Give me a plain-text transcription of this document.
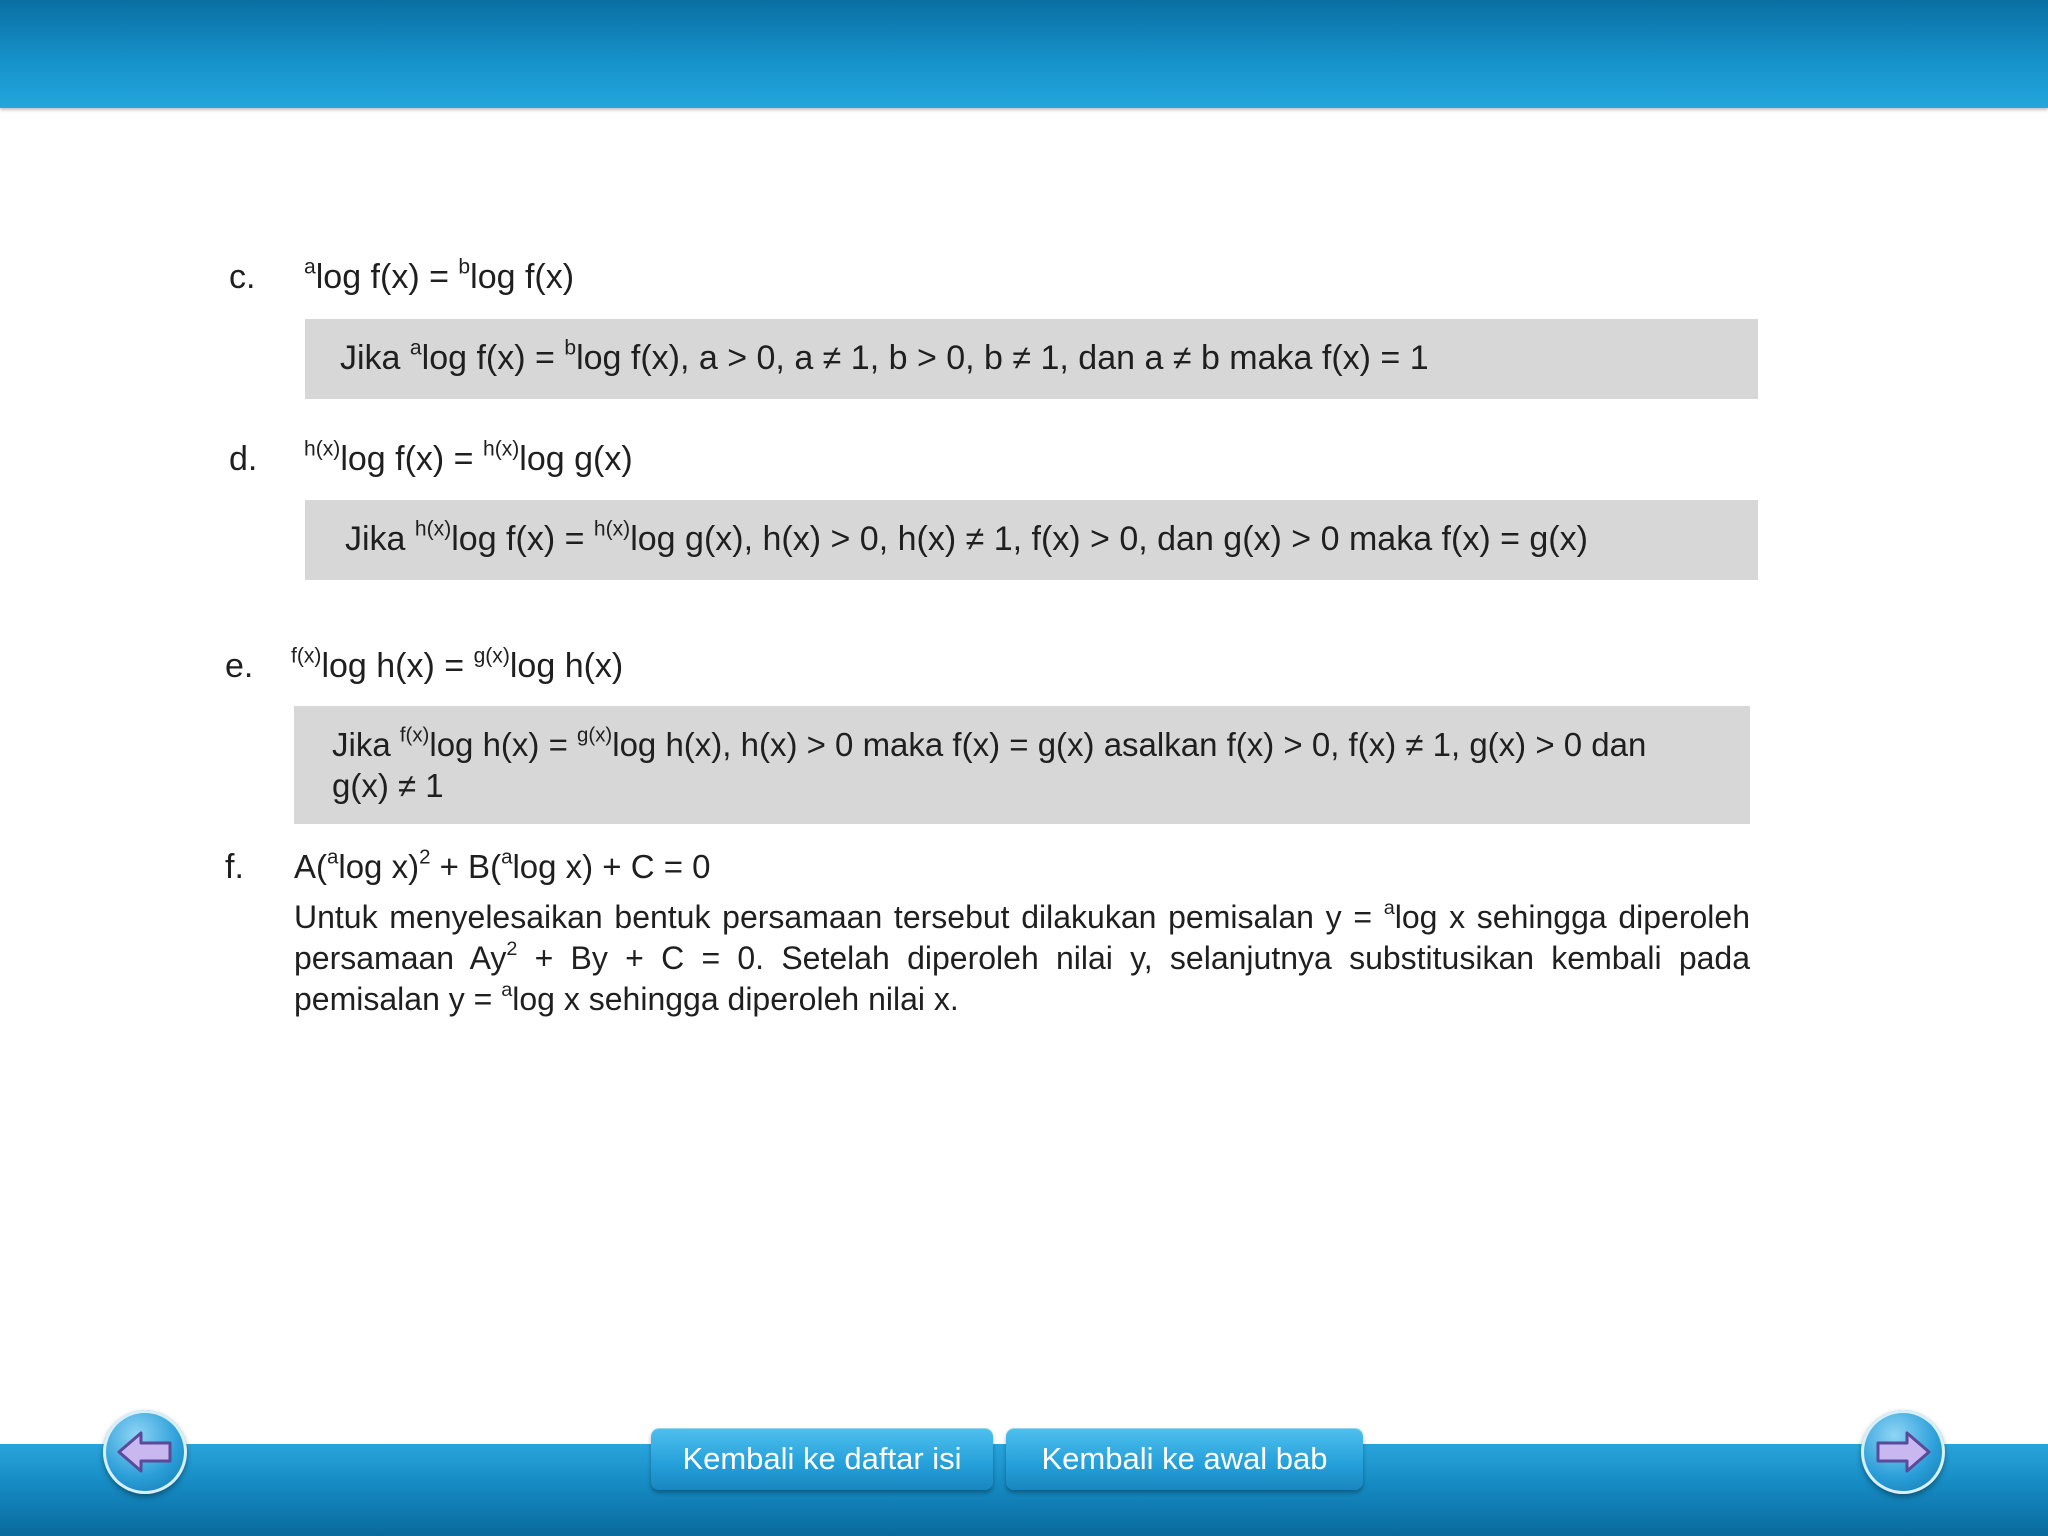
c. $^a$log f(x) = $^b$log f(x)
Jika $^a$log f(x) = $^b$log f(x), a > 0, a ≠ 1, b > 0, b ≠ 1, dan a ≠ b maka f(x) = 1
d. $^{h(x)}$log f(x) = $^{h(x)}$log g(x)
Jika $^{h(x)}$log f(x) = $^{h(x)}$log g(x), h(x) > 0, h(x) ≠ 1, f(x) > 0, dan g(x) > 0 maka f(x) = g(x)
e. $^{f(x)}$log h(x) = $^{g(x)}$log h(x)
Jika $^{f(x)}$log h(x) = $^{g(x)}$log h(x), h(x) > 0 maka f(x) = g(x) asalkan f(x) > 0, f(x) ≠ 1, g(x) > 0 dan
g(x) ≠ 1
f. A($^a$log x)$^2$ + B($^a$log x) + C = 0
Untuk menyelesaikan bentuk persamaan tersebut dilakukan pemisalan y = $^a$log x sehingga diperoleh persamaan $Ay^2 + By + C = 0$. Setelah diperoleh nilai y, selanjutnya substitusikan kembali pada pemisalan y = $^a$log x sehingga diperoleh nilai x.
Kembali ke daftar isi	Kembali ke awal bab
